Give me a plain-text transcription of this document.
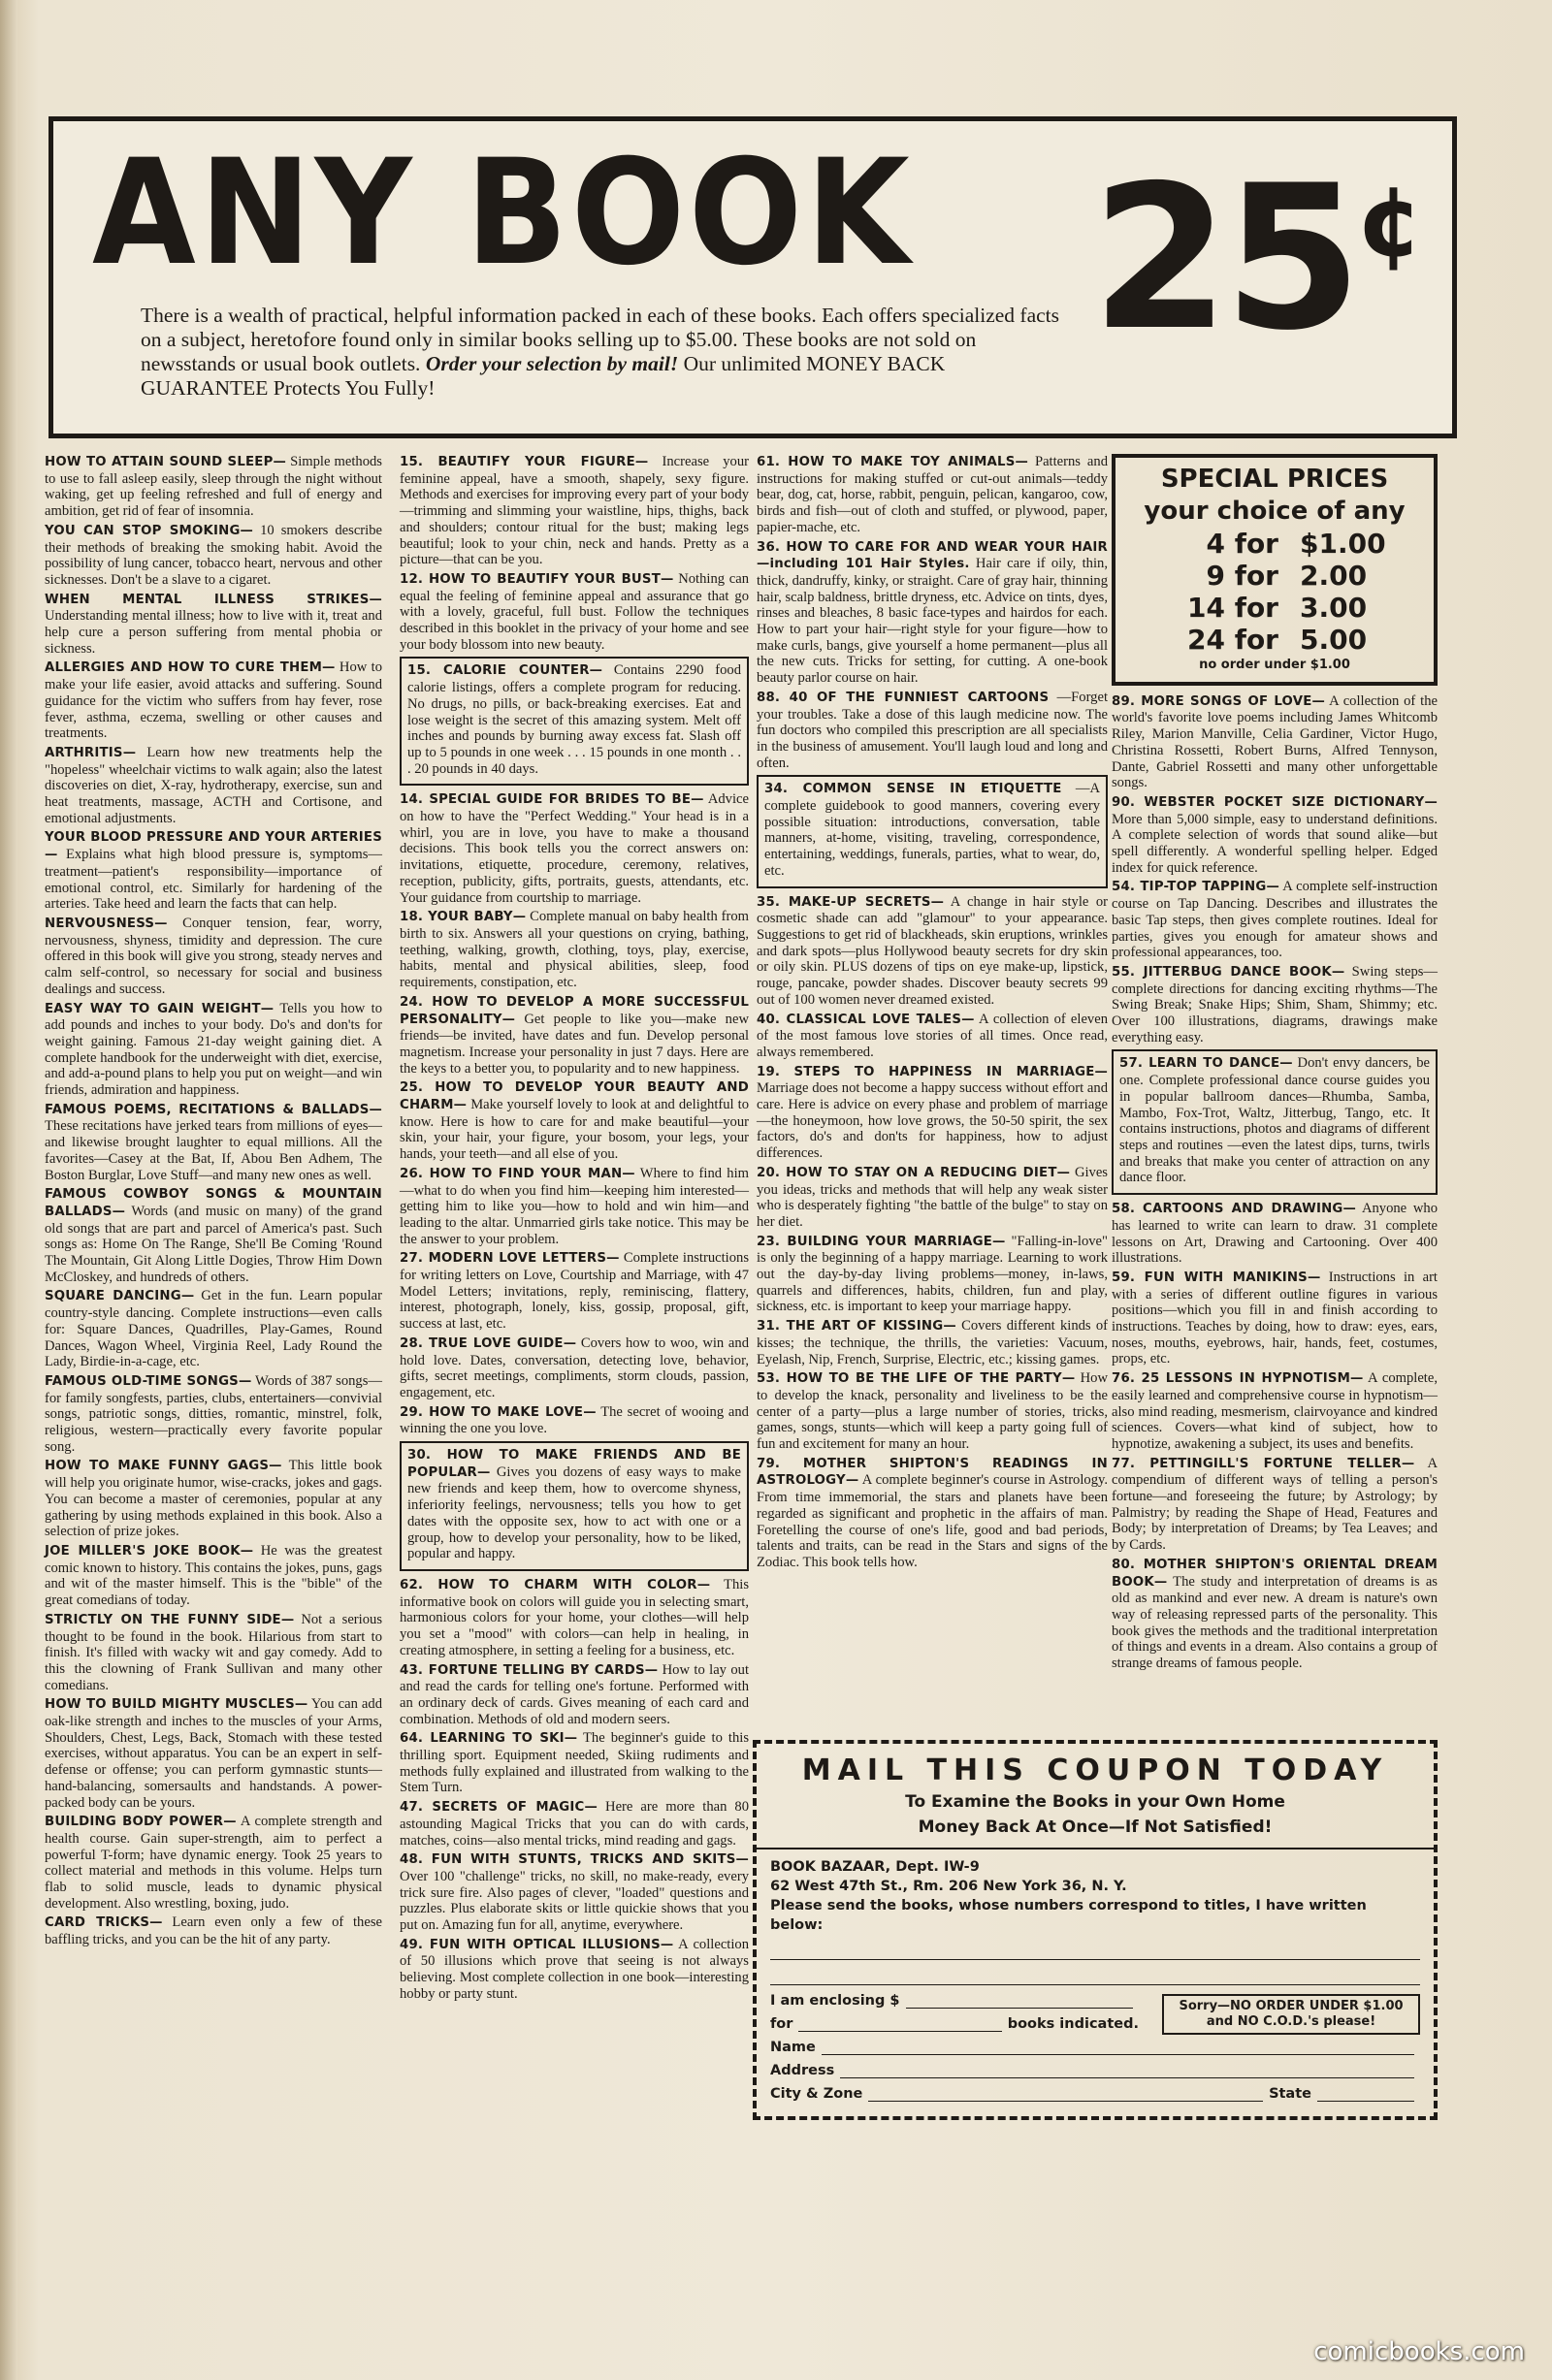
ANY BOOK 25¢
There is a wealth of practical, helpful information packed in each of these books. Each offers specialized facts on a subject, heretofore found only in similar books selling up to $5.00. These books are not sold on newsstands or usual book outlets. Order your selection by mail! Our unlimited MONEY BACK GUARANTEE Protects You Fully!

HOW TO ATTAIN SOUND SLEEP— Simple methods to use to fall asleep easily, sleep through the night without waking, get up feeling refreshed and full of energy and ambition, get rid of fear of insomnia.

YOU CAN STOP SMOKING— 10 smokers describe their methods of breaking the smoking habit. Avoid the possibility of lung cancer, tobacco heart, nervous and other sicknesses. Don't be a slave to a cigaret.

WHEN MENTAL ILLNESS STRIKES— Understanding mental illness; how to live with it, treat and help cure a person suffering from mental phobia or sickness.

ALLERGIES AND HOW TO CURE THEM— How to make your life easier, avoid attacks and suffering. Sound guidance for the victim who suffers from hay fever, rose fever, asthma, eczema, swelling or other causes and treatments.

ARTHRITIS— Learn how new treatments help the "hopeless" wheelchair victims to walk again; also the latest discoveries on diet, X-ray, hydrotherapy, exercise, sun and heat treatments, massage, ACTH and Cortisone, and emotional adjustments.

YOUR BLOOD PRESSURE AND YOUR ARTERIES— Explains what high blood pressure is, symptoms—treatment—patient's responsibility—importance of emotional control, etc. Similarly for hardening of the arteries. Take heed and learn the facts that can help.

NERVOUSNESS— Conquer tension, fear, worry, nervousness, shyness, timidity and depression. The cure offered in this book will give you strong, steady nerves and calm self-control, so necessary for social and business dealings and success.

EASY WAY TO GAIN WEIGHT— Tells you how to add pounds and inches to your body. Do's and don'ts for weight gaining. Famous 21-day weight gaining diet. A complete handbook for the underweight with diet, exercise, and add-a-pound plans to help you put on weight—and win friends, admiration and happiness.

FAMOUS POEMS, RECITATIONS & BALLADS— These recitations have jerked tears from millions of eyes—and likewise brought laughter to equal millions. All the favorites—Casey at the Bat, If, Abou Ben Adhem, The Boston Burglar, Love Stuff—and many new ones as well.

FAMOUS COWBOY SONGS & MOUNTAIN BALLADS— Words (and music on many) of the grand old songs that are part and parcel of America's past. Such songs as: Home On The Range, She'll Be Coming 'Round The Mountain, Git Along Little Dogies, Throw Him Down McCloskey, and hundreds of others.

SQUARE DANCING— Get in the fun. Learn popular country-style dancing. Complete instructions—even calls for: Square Dances, Quadrilles, Play-Games, Round Dances, Wagon Wheel, Virginia Reel, Lady Round the Lady, Birdie-in-a-cage, etc.

FAMOUS OLD-TIME SONGS— Words of 387 songs—for family songfests, parties, clubs, entertainers—convivial songs, patriotic songs, ditties, romantic, minstrel, folk, religious, western—practically every favorite popular song.

HOW TO MAKE FUNNY GAGS— This little book will help you originate humor, wise-cracks, jokes and gags. You can become a master of ceremonies, popular at any gathering by using methods explained in this book. Also a selection of prize jokes.

JOE MILLER'S JOKE BOOK— He was the greatest comic known to history. This contains the jokes, puns, gags and wit of the master himself. This is the "bible" of the great comedians of today.

STRICTLY ON THE FUNNY SIDE— Not a serious thought to be found in the book. Hilarious from start to finish. It's filled with wacky wit and gay comedy. Add to this the clowning of Frank Sullivan and many other comedians.

HOW TO BUILD MIGHTY MUSCLES— You can add oak-like strength and inches to the muscles of your Arms, Shoulders, Chest, Legs, Back, Stomach with these tested exercises, without apparatus. You can be an expert in self-defense or offense; you can perform gymnastic stunts—hand-balancing, somersaults and handstands. A power-packed body can be yours.

BUILDING BODY POWER— A complete strength and health course. Gain super-strength, aim to perfect a powerful T-form; have dynamic energy. Took 25 years to collect material and methods in this volume. Helps turn flab to solid muscle, leads to dynamic physical development. Also wrestling, boxing, judo.

CARD TRICKS— Learn even only a few of these baffling tricks, and you can be the hit of any party.

15. BEAUTIFY YOUR FIGURE— Increase your feminine appeal, have a smooth, shapely, sexy figure. Methods and exercises for improving every part of your body—trimming and slimming your waistline, hips, thighs, back and shoulders; contour ritual for the bust; making legs beautiful; look to your chin, neck and hands. Pretty as a picture—that can be you.

12. HOW TO BEAUTIFY YOUR BUST— Nothing can equal the feeling of feminine appeal and assurance that go with a lovely, graceful, full bust. Follow the techniques described in this booklet in the privacy of your home and see your body blossom into new beauty.

15. CALORIE COUNTER— Contains 2290 food calorie listings, offers a complete program for reducing. No drugs, no pills, or back-breaking exercises. Eat and lose weight is the secret of this amazing system. Melt off inches and pounds by burning away excess fat. Slash off up to 5 pounds in one week . . . 15 pounds in one month . . . 20 pounds in 40 days.

14. SPECIAL GUIDE FOR BRIDES TO BE— Advice on how to have the "Perfect Wedding." Your head is in a whirl, you are in love, you have to make a thousand decisions. This book tells you the correct answers on: invitations, etiquette, procedure, ceremony, relatives, reception, publicity, gifts, portraits, guests, attendants, etc. Your guidance from courtship to marriage.

18. YOUR BABY— Complete manual on baby health from birth to six. Answers all your questions on crying, bathing, teething, walking, growth, clothing, toys, play, exercise, habits, mental and physical abilities, sleep, food requirements, constipation, etc.

24. HOW TO DEVELOP A MORE SUCCESSFUL PERSONALITY— Get people to like you—make new friends—be invited, have dates and fun. Develop personal magnetism. Increase your personality in just 7 days. Here are the keys to a better you, to popularity and to new happiness.

25. HOW TO DEVELOP YOUR BEAUTY AND CHARM— Make yourself lovely to look at and delightful to know. Here is how to care for and make beautiful—your skin, your hair, your figure, your bosom, your legs, your hands, your teeth—and all else of you.

26. HOW TO FIND YOUR MAN— Where to find him—what to do when you find him—keeping him interested—getting him to like you—how to hold and win him—and leading to the altar. Unmarried girls take notice. This may be the answer to your problem.

27. MODERN LOVE LETTERS— Complete instructions for writing letters on Love, Courtship and Marriage, with 47 Model Letters; invitations, reply, reminiscing, flattery, interest, photograph, lonely, kiss, gossip, proposal, gift, success at last, etc.

28. TRUE LOVE GUIDE— Covers how to woo, win and hold love. Dates, conversation, detecting love, behavior, gifts, secret meetings, compliments, storm clouds, passion, engagement, etc.

29. HOW TO MAKE LOVE— The secret of wooing and winning the one you love.

30. HOW TO MAKE FRIENDS AND BE POPULAR— Gives you dozens of easy ways to make new friends and keep them, how to overcome shyness, inferiority feelings, nervousness; tells you how to get dates with the opposite sex, how to act with one or a group, how to develop your personality, how to be liked, popular and happy.

62. HOW TO CHARM WITH COLOR— This informative book on colors will guide you in selecting smart, harmonious colors for your home, your clothes—will help you set a "mood" with colors—can help in healing, in creating atmosphere, in setting a feeling for a business, etc.

43. FORTUNE TELLING BY CARDS— How to lay out and read the cards for telling one's fortune. Performed with an ordinary deck of cards. Gives meaning of each card and combination. Methods of old and modern seers.

64. LEARNING TO SKI— The beginner's guide to this thrilling sport. Equipment needed, Skiing rudiments and methods fully explained and illustrated from walking to the Stem Turn.

47. SECRETS OF MAGIC— Here are more than 80 astounding Magical Tricks that you can do with cards, matches, coins—also mental tricks, mind reading and gags.

48. FUN WITH STUNTS, TRICKS AND SKITS— Over 100 "challenge" tricks, no skill, no make-ready, every trick sure fire. Also pages of clever, "loaded" questions and puzzles. Plus elaborate skits or little quickie shows that you put on. Amazing fun for all, anytime, everywhere.

49. FUN WITH OPTICAL ILLUSIONS— A collection of 50 illusions which prove that seeing is not always believing. Most complete collection in one book—interesting hobby or party stunt.

61. HOW TO MAKE TOY ANIMALS— Patterns and instructions for making stuffed or cut-out animals—teddy bear, dog, cat, horse, rabbit, penguin, pelican, kangaroo, cow, birds and fish—out of cloth and stuffed, or plywood, paper, papier-mache, etc.

36. HOW TO CARE FOR AND WEAR YOUR HAIR—including 101 Hair Styles. Hair care if oily, thin, thick, dandruffy, kinky, or straight. Care of gray hair, thinning hair, scalp baldness, brittle dryness, etc. Advice on tints, dyes, rinses and bleaches, 8 basic face-types and hairdos for each. How to part your hair—right style for your figure—how to make curls, bangs, give yourself a home permanent—plus all the new cuts. Tricks for setting, for cutting. A one-book beauty parlor course on hair.

88. 40 OF THE FUNNIEST CARTOONS —Forget your troubles. Take a dose of this laugh medicine now. The fun doctors who compiled this prescription are all specialists in the business of amusement. You'll laugh loud and long and often.

34. COMMON SENSE IN ETIQUETTE —A complete guidebook to good manners, covering every possible situation: introductions, conversation, table manners, at-home, visiting, traveling, correspondence, entertaining, weddings, funerals, parties, what to wear, do, etc.

35. MAKE-UP SECRETS— A change in hair style or cosmetic shade can add "glamour" to your appearance. Suggestions to get rid of blackheads, skin eruptions, wrinkles and dark spots—plus Hollywood beauty secrets for dry skin or oily skin. PLUS dozens of tips on eye make-up, lipstick, rouge, pancake, powder shades. Discover beauty secrets 99 out of 100 women never dreamed existed.

40. CLASSICAL LOVE TALES— A collection of eleven of the most famous love stories of all times. Once read, always remembered.

19. STEPS TO HAPPINESS IN MARRIAGE— Marriage does not become a happy success without effort and care. Here is advice on every phase and problem of marriage—the honeymoon, how love grows, the 50-50 spirit, the sex factors, do's and don'ts for happiness, how to adjust differences.

20. HOW TO STAY ON A REDUCING DIET— Gives you ideas, tricks and methods that will help any weak sister who is desperately fighting "the battle of the bulge" to stay on her diet.

23. BUILDING YOUR MARRIAGE— "Falling-in-love" is only the beginning of a happy marriage. Learning to work out the day-by-day living problems—money, in-laws, quarrels and differences, habits, children, fun and play, sickness, etc. is important to keep your marriage happy.

31. THE ART OF KISSING— Covers different kinds of kisses; the technique, the thrills, the varieties: Vacuum, Eyelash, Nip, French, Surprise, Electric, etc.; kissing games.

53. HOW TO BE THE LIFE OF THE PARTY— How to develop the knack, personality and liveliness to be the center of a party—plus a large number of stories, tricks, games, songs, stunts—which will keep a party going full of fun and excitement for many an hour.

79. MOTHER SHIPTON'S READINGS IN ASTROLOGY— A complete beginner's course in Astrology. From time immemorial, the stars and planets have been regarded as significant and prophetic in the affairs of man. Foretelling the course of one's life, good and bad periods, talents and traits, can be read in the Stars and signs of the Zodiac. This book tells how.

SPECIAL PRICES
your choice of any
4 for $1.00
9 for 2.00
14 for 3.00
24 for 5.00
no order under $1.00

89. MORE SONGS OF LOVE— A collection of the world's favorite love poems including James Whitcomb Riley, Marion Manville, Celia Gardiner, Victor Hugo, Christina Rossetti, Robert Burns, Alfred Tennyson, Dante, Gabriel Rossetti and many other unforgettable songs.

90. WEBSTER POCKET SIZE DICTIONARY— More than 5,000 simple, easy to understand definitions. A complete selection of words that sound alike—but spell differently. A wonderful spelling helper. Edged index for quick reference.

54. TIP-TOP TAPPING— A complete self-instruction course on Tap Dancing. Describes and illustrates the basic Tap steps, then gives complete routines. Ideal for parties, gives you enough for amateur shows and professional appearances, too.

55. JITTERBUG DANCE BOOK— Swing steps—complete directions for dancing exciting rhythms—The Swing Break; Snake Hips; Shim, Sham, Shimmy; etc. Over 100 illustrations, diagrams, drawings make everything easy.

57. LEARN TO DANCE— Don't envy dancers, be one. Complete professional dance course guides you in popular ballroom dances—Rhumba, Samba, Mambo, Fox-Trot, Waltz, Jitterbug, Tango, etc. It contains instructions, photos and diagrams of different steps and routines —even the latest dips, turns, twirls and breaks that make you center of attraction on any dance floor.

58. CARTOONS AND DRAWING— Anyone who has learned to write can learn to draw. 31 complete lessons on Art, Drawing and Cartooning. Over 400 illustrations.

59. FUN WITH MANIKINS— Instructions in art with a series of different outline figures in various positions—which you fill in and finish according to instructions. Teaches by doing, how to draw: eyes, ears, noses, mouths, eyebrows, hair, hands, feet, costumes, props, etc.

76. 25 LESSONS IN HYPNOTISM— A complete, easily learned and comprehensive course in hypnotism—also mind reading, mesmerism, clairvoyance and kindred sciences. Covers—what kind of subject, how to hypnotize, awakening a subject, its uses and benefits.

77. PETTINGILL'S FORTUNE TELLER— A compendium of different ways of telling a person's fortune—and foreseeing the future; by Astrology; by Palmistry; by reading the Shape of Head, Features and Body; by interpretation of Dreams; by Tea Leaves; and by Cards.

80. MOTHER SHIPTON'S ORIENTAL DREAM BOOK— The study and interpretation of dreams is as old as mankind and ever new. A dream is nature's own way of releasing repressed parts of the personality. This book gives the methods and the traditional interpretation of things and events in a dream. Also contains a group of strange dreams of famous people.

MAIL THIS COUPON TODAY
To Examine the Books in your Own Home
Money Back At Once—If Not Satisfied!
BOOK BAZAAR, Dept. IW-9
62 West 47th St., Rm. 206 New York 36, N. Y.
Please send the books, whose numbers correspond to titles, I have written below:
I am enclosing $
for	books indicated.
Sorry—NO ORDER UNDER $1.00 and NO C.O.D.'s please!
Name
Address
City & Zone	State
comicbooks.com
